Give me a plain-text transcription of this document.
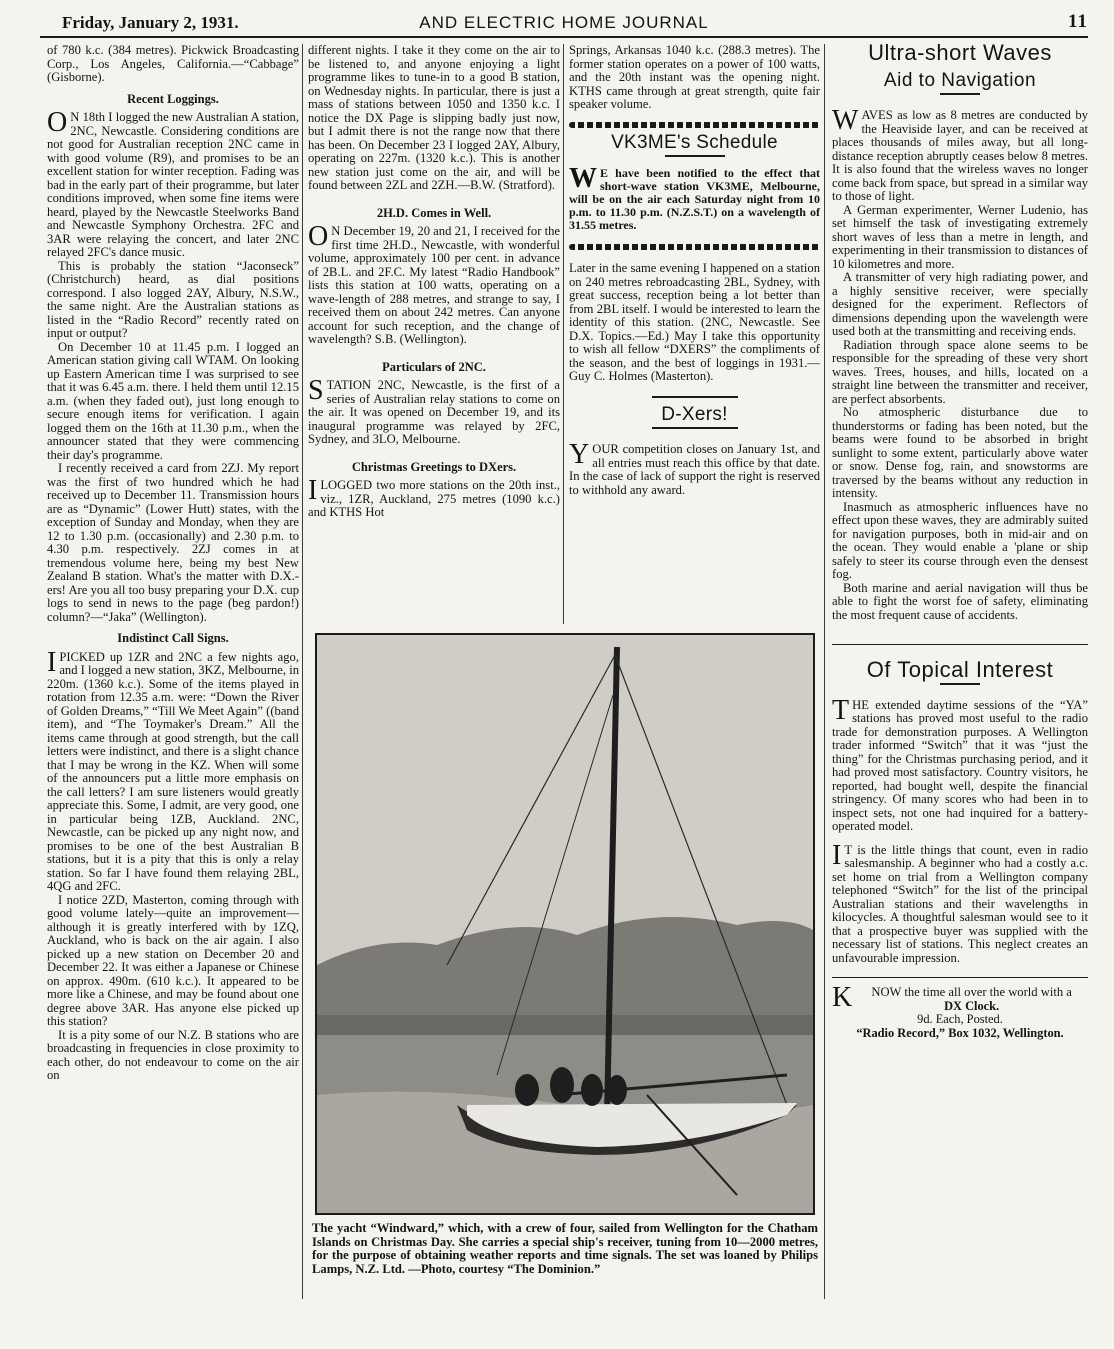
Friday, January 2, 1931.	AND ELECTRIC HOME JOURNAL	11

of 780 k.c. (384 metres). Pickwick Broadcasting Corp., Los Angeles, California.—“Cabbage” (Gisborne).

Recent Loggings.

O N 18th I logged the new Australian A station, 2NC, Newcastle. Considering conditions are not good for Australian reception 2NC came in with good volume (R9), and promises to be an excellent station for winter reception. Fading was bad in the early part of their programme, but later conditions improved, when some fine items were heard, played by the Newcastle Steelworks Band and Newcastle Symphony Orchestra. 2FC and 3AR were relaying the concert, and later 2NC relayed 2FC's dance music.

This is probably the station “Jaconseck” (Christchurch) heard, as dial positions correspond. I also logged 2AY, Albury, N.S.W., the same night. Are the Australian stations as listed in the “Radio Record” recently rated on input or output?

On December 10 at 11.45 p.m. I logged an American station giving call WTAM. On looking up Eastern American time I was surprised to see that it was 6.45 a.m. there. I held them until 12.15 a.m. (when they faded out), just long enough to secure enough items for verification. I again logged them on the 16th at 11.30 p.m., when the announcer stated that they were commencing their day's programme.

I recently received a card from 2ZJ. My report was the first of two hundred which he had received up to December 11. Transmission hours are as “Dynamic” (Lower Hutt) states, with the exception of Sunday and Monday, when they are 12 to 1.30 p.m. (occasionally) and 2.30 p.m. to 4.30 p.m. respectively. 2ZJ comes in at tremendous volume here, being my best New Zealand B station. What's the matter with D.X.-ers! Are you all too busy preparing your D.X. cup logs to send in news to the page (beg pardon!) column?—“Jaka” (Wellington).

Indistinct Call Signs.

IPICKED up 1ZR and 2NC a few nights ago, and I logged a new station, 3KZ, Melbourne, in 220m. (1360 k.c.). Some of the items played in rotation from 12.35 a.m. were: “Down the River of Golden Dreams,” “Till We Meet Again” ((band item), and “The Toymaker's Dream.” All the items came through at good strength, but the call letters were indistinct, and there is a slight chance that I may be wrong in the KZ. When will some of the announcers put a little more emphasis on the call letters? I am sure listeners would greatly appreciate this. Some, I admit, are very good, one in particular being 1ZB, Auckland. 2NC, Newcastle, can be picked up any night now, and promises to be one of the best Australian B stations, but it is a pity that this is only a relay station. So far I have found them relaying 2BL, 4QG and 2FC.

I notice 2ZD, Masterton, coming through with good volume lately—quite an improvement—although it is greatly interfered with by 1ZQ, Auckland, who is back on the air again. I also picked up a new station on December 20 and December 22. It was either a Japanese or Chinese on approx. 490m. (610 k.c.). It appeared to be more like a Chinese, and may be found about one degree above 3AR. Has anyone else picked up this station?

It is a pity some of our N.Z. B stations who are broadcasting in frequencies in close proximity to each other, do not endeavour to come on the air on

different nights. I take it they come on the air to be listened to, and anyone enjoying a light programme likes to tune-in to a good B station, on Wednesday nights. In particular, there is just a mass of stations between 1050 and 1350 k.c. I notice the DX Page is slipping badly just now, but I admit there is not the range now that there has been. On December 23 I logged 2AY, Albury, operating on 227m. (1320 k.c.). This is another new station just come on the air, and will be found between 2ZL and 2ZH.—B.W. (Stratford).

2H.D. Comes in Well.

O N December 19, 20 and 21, I received for the first time 2H.D., Newcastle, with wonderful volume, approximately 100 per cent. in advance of 2B.L. and 2F.C. My latest “Radio Handbook” lists this station at 100 watts, operating on a wave-length of 288 metres, and strange to say, I received them on about 242 metres. Can anyone account for such reception, and the change of wavelength? S.B. (Wellington).

Particulars of 2NC.

STATION 2NC, Newcastle, is the first of a series of Australian relay stations to come on the air. It was opened on December 19, and its inaugural programme was relayed by 2FC, Sydney, and 3LO, Melbourne.

Christmas Greetings to DXers.

ILOGGED two more stations on the 20th inst., viz., 1ZR, Auckland, 275 metres (1090 k.c.) and KTHS Hot

Springs, Arkansas 1040 k.c. (288.3 metres). The former station operates on a power of 100 watts, and the 20th instant was the opening night. KTHS came through at great strength, quite fair speaker volume.

VK3ME's Schedule

W E have been notified to the effect that short-wave station VK3ME, Melbourne, will be on the air each Saturday night from 10 p.m. to 11.30 p.m. (N.Z.S.T.) on a wavelength of 31.55 metres.

Later in the same evening I happened on a station on 240 metres rebroadcasting 2BL, Sydney, with great success, reception being a lot better than from 2BL itself. I would be interested to learn the identity of this station. (2NC, Newcastle. See D.X. Topics.—Ed.) May I take this opportunity to wish all fellow “DXERS” the compliments of the season, and the best of loggings in 1931.—Guy C. Holmes (Masterton).

D-Xers!

YOUR competition closes on January 1st, and all entries must reach this office by that date. In the case of lack of support the right is reserved to withhold any award.

Ultra-short Waves
Aid to Navigation

WAVES as low as 8 metres are conducted by the Heaviside layer, and can be received at places thousands of miles away, but all long-distance reception abruptly ceases below 8 metres. It is also found that the wireless waves no longer come back from space, but spread in a similar way to those of light.

A German experimenter, Werner Ludenio, has set himself the task of investigating extremely short waves of less than a metre in length, and experimenting in their transmission to distances of 10 kilometres and more.

A transmitter of very high radiating power, and a highly sensitive receiver, were specially designed for the experiment. Reflectors of dimensions depending upon the wavelength were used both at the transmitting and receiving ends.

Radiation through space alone seems to be responsible for the spreading of these very short waves. Trees, houses, and hills, located on a straight line between the transmitter and receiver, are perfect absorbents.

No atmospheric disturbance due to thunderstorms or fading has been noted, but the beams were found to be absorbed in bright sunlight to some extent, particularly above water or snow. Dense fog, rain, and snowstorms are traversed by the beams without any reduction in intensity.

Inasmuch as atmospheric influences have no effect upon these waves, they are admirably suited for navigation purposes, both in mid-air and on the ocean. They would enable a 'plane or ship safely to steer its course through even the densest fog.

Both marine and aerial navigation will thus be able to fight the worst foe of safety, eliminating the most frequent cause of accidents.

Of Topical Interest

THE extended daytime sessions of the “YA” stations has proved most useful to the radio trade for demonstration purposes. A Wellington trader informed “Switch” that it was “just the thing” for the Christmas purchasing period, and it had proved most satisfactory. Country visitors, he reported, had bought well, despite the financial stringency. Of many scores who had been in to inspect sets, not one had inquired for a battery-operated model.

I T is the little things that count, even in radio salesmanship. A beginner who had a costly a.c. set home on trial from a Wellington company telephoned “Switch” for the list of the principal Australian stations and their wavelengths in kilocycles. A thoughtful salesman would see to it that a prospective buyer was supplied with the necessary list of stations. This neglect creates an unfavourable impression.

K NOW the time all over the world with a

DX Clock.
9d. Each, Posted.
“Radio Record,” Box 1032, Wellington.
The yacht “Windward,” which, with a crew of four, sailed from Wellington for the Chatham Islands on Christmas Day. She carries a special ship's receiver, tuning from 10—2000 metres, for the purpose of obtaining weather reports and time signals. The set was loaned by Philips Lamps, N.Z. Ltd. —Photo, courtesy “The Dominion.”
